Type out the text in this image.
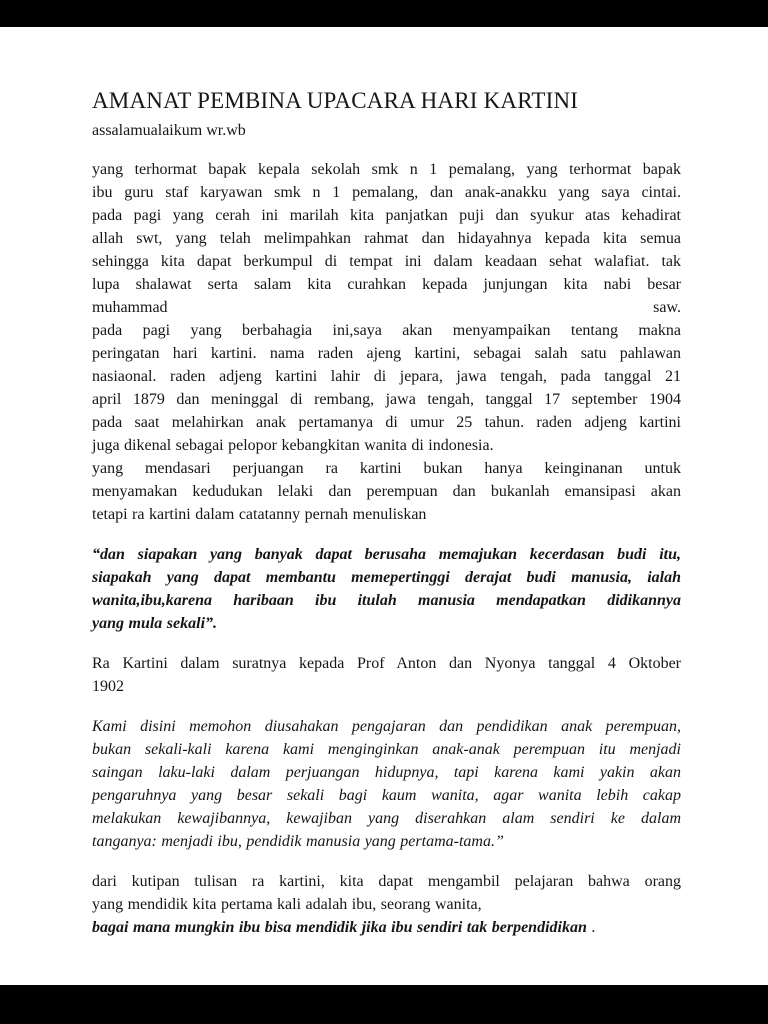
AMANAT PEMBINA UPACARA HARI KARTINI
assalamualaikum wr.wb
yang terhormat bapak kepala sekolah smk n 1 pemalang, yang terhormat bapak
ibu guru staf karyawan smk n 1 pemalang, dan anak-anakku yang saya cintai.
pada pagi yang cerah ini marilah kita panjatkan puji dan syukur atas kehadirat
allah swt, yang telah melimpahkan rahmat dan hidayahnya kepada kita semua
sehingga kita dapat berkumpul di tempat ini dalam keadaan sehat walafiat. tak
lupa shalawat serta salam kita curahkan kepada junjungan kita nabi besar
muhammad saw.
pada pagi yang berbahagia ini,saya akan menyampaikan tentang makna
peringatan hari kartini. nama raden ajeng kartini, sebagai salah satu pahlawan
nasiaonal. raden adjeng kartini lahir di jepara, jawa tengah, pada tanggal 21
april 1879 dan meninggal di rembang, jawa tengah, tanggal 17 september 1904
pada saat melahirkan anak pertamanya di umur 25 tahun. raden adjeng kartini
juga dikenal sebagai pelopor kebangkitan wanita di indonesia.
yang mendasari perjuangan ra kartini bukan hanya keinginanan untuk
menyamakan kedudukan lelaki dan perempuan dan bukanlah emansipasi akan
tetapi ra kartini dalam catatanny pernah menuliskan
“dan siapakan yang banyak dapat berusaha memajukan kecerdasan budi itu,
siapakah yang dapat membantu memepertinggi derajat budi manusia, ialah
wanita,ibu,karena haribaan ibu itulah manusia mendapatkan didikannya
yang mula sekali”.
Ra Kartini dalam suratnya kepada Prof Anton dan Nyonya tanggal 4 Oktober
1902
Kami disini memohon diusahakan pengajaran dan pendidikan anak perempuan,
bukan sekali-kali karena kami menginginkan anak-anak perempuan itu menjadi
saingan laku-laki dalam perjuangan hidupnya, tapi karena kami yakin akan
pengaruhnya yang besar sekali bagi kaum wanita, agar wanita lebih cakap
melakukan kewajibannya, kewajiban yang diserahkan alam sendiri ke dalam
tanganya: menjadi ibu, pendidik manusia yang pertama-tama.”
dari kutipan tulisan ra kartini, kita dapat mengambil pelajaran bahwa orang
yang mendidik kita pertama kali adalah ibu, seorang wanita,
bagai mana mungkin ibu bisa mendidik jika ibu sendiri tak berpendidikan .
